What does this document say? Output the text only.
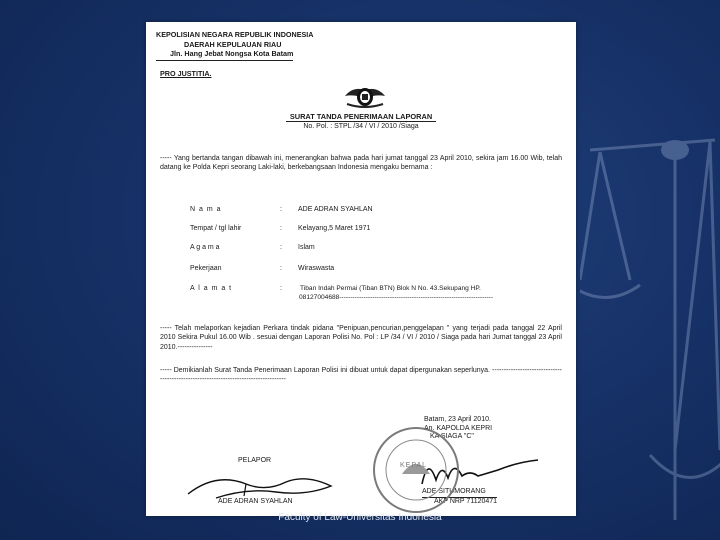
KEPOLISIAN NEGARA REPUBLIK INDONESIA
DAERAH KEPULAUAN RIAU
Jln. Hang Jebat Nongsa Kota Batam
PRO JUSTITIA.
SURAT TANDA PENERIMAAN LAPORAN
No. Pol. : STPL /34 / VI / 2010 /Siaga
----- Yang bertanda tangan dibawah ini, menerangkan bahwa pada hari jumat tanggal 23 April 2010, sekira jam 16.00 Wib, telah datang ke Polda Kepri seorang Laki-laki, berkebangsaan Indonesia mengaku bernama :
N a m a	: ADE ADRAN SYAHLAN
Tempat / tgl lahir	: Kelayang,5 Maret 1971
A g a m a	: Islam
Pekerjaan	: Wiraswasta
A l a m a t	:	Tiban Indah Permai (Tiban BTN) Blok N No. 43.Sekupang HP.
08127004688----------------------------------------------------------------------
----- Telah melaporkan kejadian Perkara tindak pidana "Penipuan,pencurian,penggelapan " yang terjadi pada tanggal 22 April 2010 Sekira Pukul 16.00 Wib . sesuai dengan Laporan Polisi No. Pol : LP /34 / VI / 2010 / Siaga pada hari Jumat tanggal 23 April 2010.---------------
----- Demikianlah Surat Tanda Penerimaan Laporan Polisi ini dibuat untuk dapat dipergunakan seperlunya. ------------------------------------------------------------------------------------
Batam, 23 April 2010.
An. KAPOLDA KEPRI
KA SIAGA "C"
ADE SITUMORANG
AKP NRP 71120471
KEPAL
PELAPOR
ADE ADRAN SYAHLAN
Faculty of Law-Universitas Indonesia
